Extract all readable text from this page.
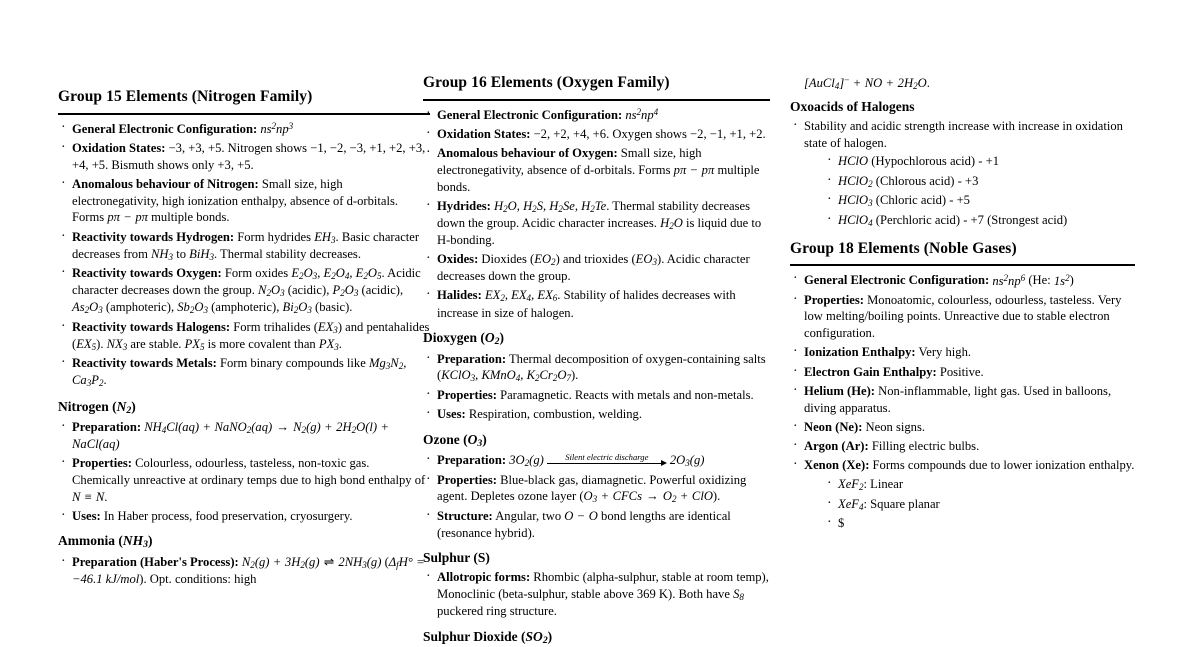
Group 15 Elements (Nitrogen Family)
· General Electronic Configuration: $ns^2np^3$
· Oxidation States: −3, +3, +5. Nitrogen shows −1, −2, −3, +1, +2, +3, +4, +5. Bismuth shows only +3, +5.
· Anomalous behaviour of Nitrogen: Small size, high electronegativity, high ionization enthalpy, absence of d-orbitals. Forms pπ − pπ multiple bonds.
· Reactivity towards Hydrogen: Form hydrides $EH_3$. Basic character decreases from $NH_3$ to BiH$_3$. Thermal stability decreases.
· Reactivity towards Oxygen: Form oxides $E_2O_3$, $E_2O_4$, $E_2O_5$. Acidic character decreases down the group. $N_2O_3$ (acidic), $P_2O_3$ (acidic), $As_2O_3$ (amphoteric), $Sb_2O_3$ (amphoteric), $Bi_2O_3$ (basic).
· Reactivity towards Halogens: Form trihalides $(EX_3)$ and pentahalides $(EX_5)$. $NX_3$ are stable. $PX_5$ is more covalent than $PX_3$.
· Reactivity towards Metals: Form binary compounds like $Mg_3N_2$, $Ca_3P_2$.
Nitrogen $(N_2)$
· Preparation: $NH_4Cl(aq)$ + NaNO$_2$(aq) → $N_2(g) + 2H_2O(l)$ + NaCl(aq)
· Properties: Colourless, odourless, tasteless, non-toxic gas. Chemically unreactive at ordinary temps due to high bond enthalpy of N ≡ N.
· Uses: In Haber process, food preservation, cryosurgery.
Ammonia $(NH_3)$
· Preparation (Haber's Process): $N_2(g) + 3H_2(g)$ ⇌ $2NH_3(g) (\Delta_fH^\circ = -46.1$ kJ/mol). Opt. conditions: high
Group 16 Elements (Oxygen Family)
· General Electronic Configuration: $ns^2np^4$
· Oxidation States: −2, +2, +4, +6. Oxygen shows −2, −1, +1, +2.
· Anomalous behaviour of Oxygen: Small size, high electronegativity, absence of d-orbitals. Forms pπ − pπ multiple bonds.
· Hydrides: $H_2O$, $H_2S$, $H_2Se$, $H_2Te$. Thermal stability decreases down the group. Acidic character increases. $H_2O$ is liquid due to H-bonding.
· Oxides: Dioxides $(EO_2)$ and trioxides $(EO_3)$. Acidic character decreases down the group.
· Halides: $EX_2$, $EX_4$, $EX_6$. Stability of halides decreases with increase in size of halogen.
Dioxygen $(O_2)$
· Preparation: Thermal decomposition of oxygen-containing salts (KClO$_3$, KMnO$_4$, $K_2Cr_2O_7$).
· Properties: Paramagnetic. Reacts with metals and non-metals.
· Uses: Respiration, combustion, welding.
Ozone $(O_3)$
· Preparation: $3O_2(g)$	Silent electric discharge	$2O_3(g)$
· Properties: Blue-black gas, diamagnetic. Powerful oxidizing agent. Depletes ozone layer ($O_3$ + CFCs → $O_2 + ClO$).
· Structure: Angular, two O − O bond lengths are identical (resonance hybrid).
Sulphur (S)
· Allotropic forms: Rhombic (alpha-sulphur, stable at room temp), Monoclinic (beta-sulphur, stable above 369 K). Both have $S_8$ puckered ring structure.
Sulphur Dioxide $(SO_2)$
[AuCl$_4$]− + NO + $2H_2O$.
Oxoacids of Halogens
· Stability and acidic strength increase with increase in oxidation state of halogen.
· HClO (Hypochlorous acid) - +1
· HClO$_2$ (Chlorous acid) - +3
· HClO$_3$ (Chloric acid) - +5
· HClO$_4$ (Perchloric acid) - +7 (Strongest acid)
Group 18 Elements (Noble Gases)
· General Electronic Configuration: $ns^2np^6$ (He: $1s^2$)
· Properties: Monoatomic, colourless, odourless, tasteless. Very low melting/boiling points. Unreactive due to stable electron configuration.
· Ionization Enthalpy: Very high.
· Electron Gain Enthalpy: Positive.
· Helium (He): Non-inflammable, light gas. Used in balloons, diving apparatus.
· Neon (Ne): Neon signs.
· Argon (Ar): Filling electric bulbs.
· Xenon (Xe): Forms compounds due to lower ionization enthalpy.
· XeF$_2$: Linear
· XeF$_4$: Square planar
· $
